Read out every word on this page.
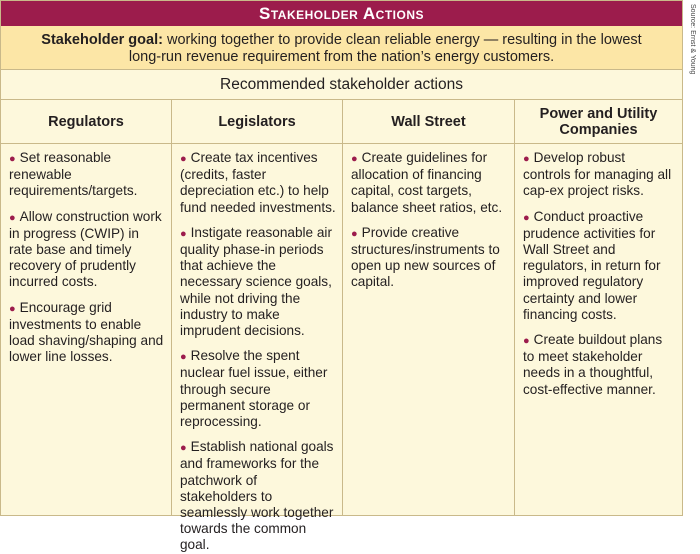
Stakeholder Actions
Stakeholder goal: working together to provide clean reliable energy — resulting in the lowest
long-run revenue requirement from the nation’s energy customers.
Recommended stakeholder actions
Regulators
● Set reasonable renewable requirements/targets.
● Allow construction work in progress (CWIP) in rate base and timely recovery of prudently incurred costs.
● Encourage grid investments to enable load shaving/shaping and lower line losses.
Legislators
● Create tax incentives (credits, faster depreciation etc.) to help fund needed investments.
● Instigate reasonable air quality phase-in periods that achieve the necessary science goals, while not driving the industry to make imprudent decisions.
● Resolve the spent nuclear fuel issue, either through secure permanent storage or reprocessing.
● Establish national goals and frameworks for the patchwork of stakeholders to seamlessly work together towards the common goal.
Wall Street
● Create guidelines for allocation of financing capital, cost targets, balance sheet ratios, etc.
● Provide creative structures/instruments to open up new sources of capital.
Power and Utility Companies
● Develop robust controls for managing all cap-ex project risks.
● Conduct proactive prudence activities for Wall Street and regulators, in return for improved regulatory certainty and lower financing costs.
● Create buildout plans to meet stakeholder needs in a thoughtful, cost-effective manner.
Source: Ernst & Young
